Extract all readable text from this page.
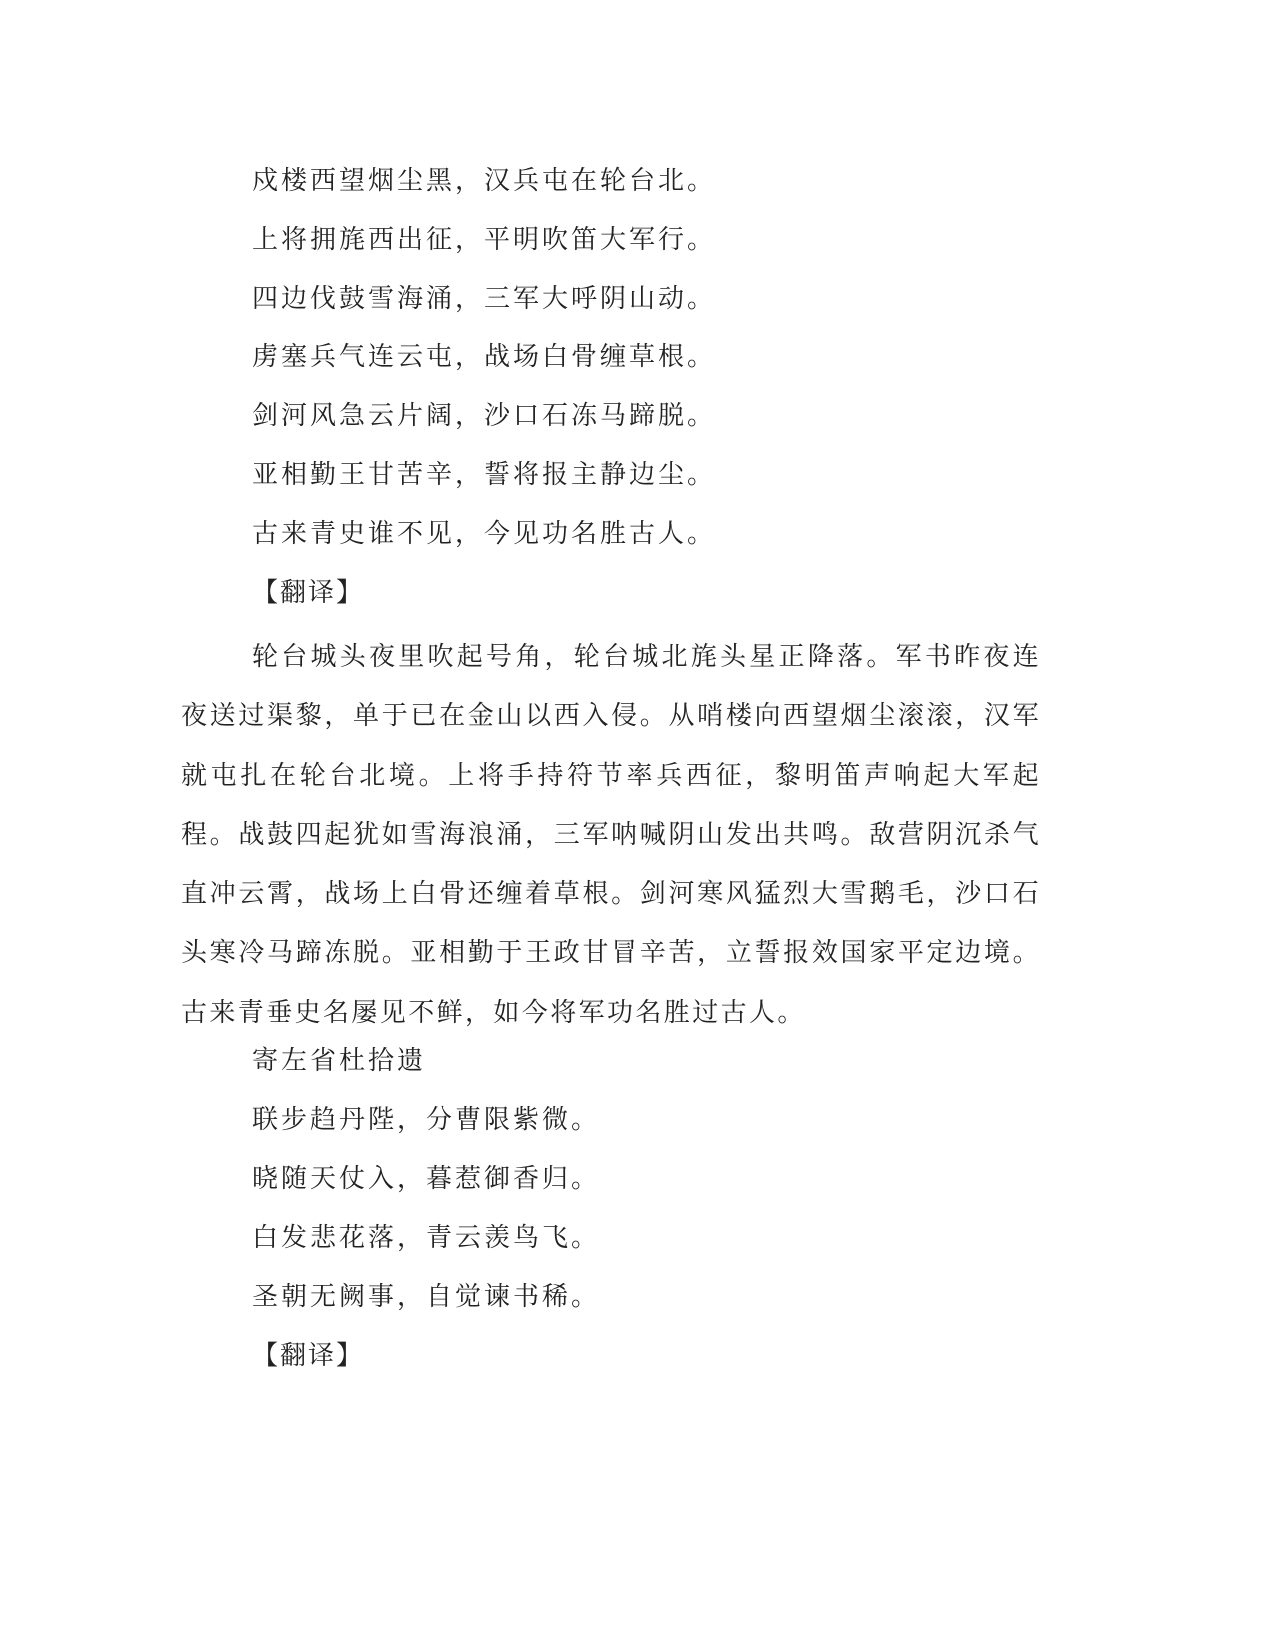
戍楼西望烟尘黑，汉兵屯在轮台北。
上将拥旄西出征，平明吹笛大军行。
四边伐鼓雪海涌，三军大呼阴山动。
虏塞兵气连云屯，战场白骨缠草根。
剑河风急云片阔，沙口石冻马蹄脱。
亚相勤王甘苦辛，誓将报主静边尘。
古来青史谁不见，今见功名胜古人。
【翻译】
轮台城头夜里吹起号角，轮台城北旄头星正降落。军书昨夜连夜送过渠黎，单于已在金山以西入侵。从哨楼向西望烟尘滚滚，汉军就屯扎在轮台北境。上将手持符节率兵西征，黎明笛声响起大军起程。战鼓四起犹如雪海浪涌，三军呐喊阴山发出共鸣。敌营阴沉杀气直冲云霄，战场上白骨还缠着草根。剑河寒风猛烈大雪鹅毛，沙口石头寒冷马蹄冻脱。亚相勤于王政甘冒辛苦，立誓报效国家平定边境。古来青垂史名屡见不鲜，如今将军功名胜过古人。
寄左省杜拾遗
联步趋丹陛，分曹限紫微。
晓随天仗入，暮惹御香归。
白发悲花落，青云羡鸟飞。
圣朝无阙事，自觉谏书稀。
【翻译】
